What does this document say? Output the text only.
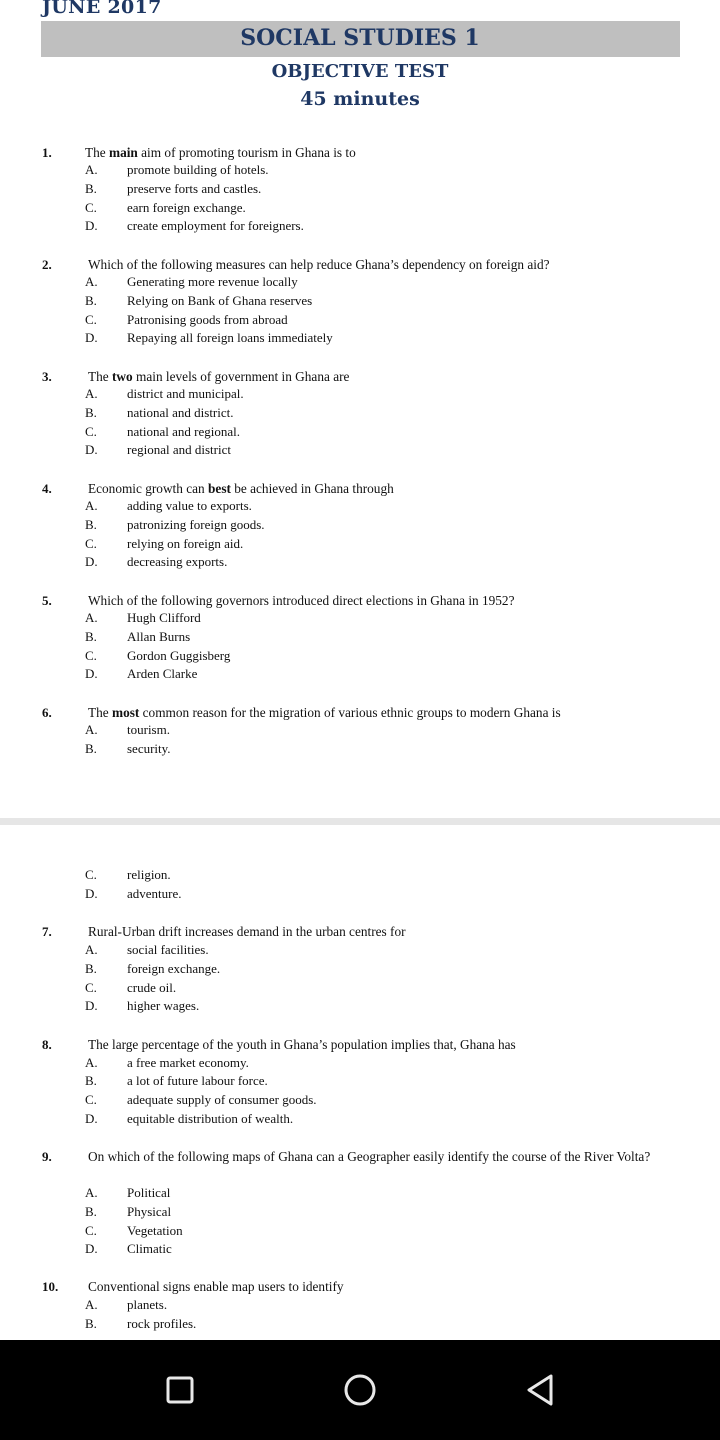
JUNE 2017
SOCIAL STUDIES 1
OBJECTIVE TEST
45 minutes
1.	The main aim of promoting tourism in Ghana is to
A. promote building of hotels.
B. preserve forts and castles.
C. earn foreign exchange.
D. create employment for foreigners.
2.	Which of the following measures can help reduce Ghana’s dependency on foreign aid?
A. Generating more revenue locally
B. Relying on Bank of Ghana reserves
C. Patronising goods from abroad
D. Repaying all foreign loans immediately
3.	The two main levels of government in Ghana are
A. district and municipal.
B. national and district.
C. national and regional.
D. regional and district
4.	Economic growth can best be achieved in Ghana through
A. adding value to exports.
B. patronizing foreign goods.
C. relying on foreign aid.
D. decreasing exports.
5.	Which of the following governors introduced direct elections in Ghana in 1952?
A. Hugh Clifford
B. Allan Burns
C. Gordon Guggisberg
D. Arden Clarke
6.	The most common reason for the migration of various ethnic groups to modern Ghana is
A. tourism.
B. security.
C. religion.
D. adventure.
7.	Rural-Urban drift increases demand in the urban centres for
A. social facilities.
B. foreign exchange.
C. crude oil.
D. higher wages.
8.	The large percentage of the youth in Ghana’s population implies that, Ghana has
A. a free market economy.
B. a lot of future labour force.
C. adequate supply of consumer goods.
D. equitable distribution of wealth.
9.	On which of the following maps of Ghana can a Geographer easily identify the course of the River Volta?
A. Political
B. Physical
C. Vegetation
D. Climatic
10. Conventional signs enable map users to identify
A. planets.
B. rock profiles.
